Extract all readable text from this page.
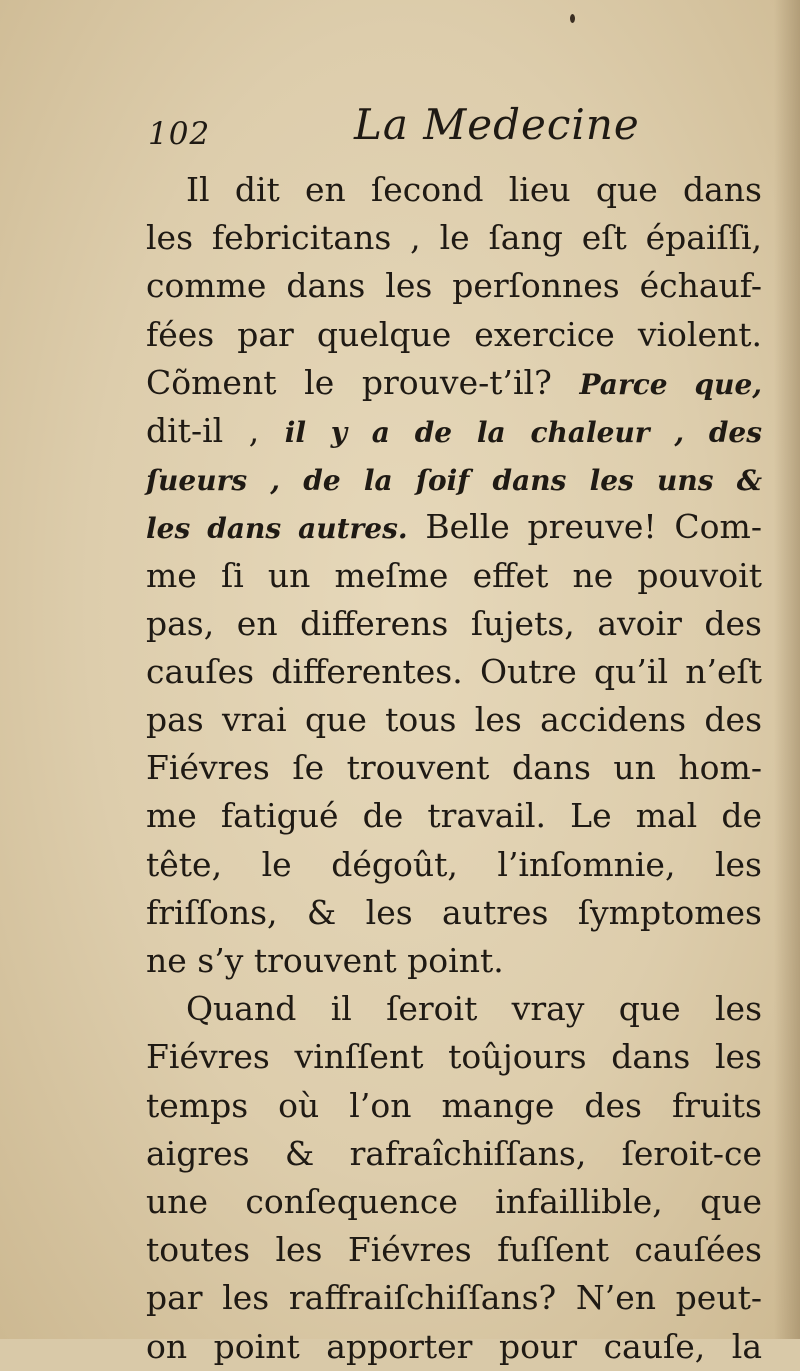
102	La Medecine
Il dit en ſecond lieu que dans
les febricitans , le ſang eſt épaiſſi,
comme dans les perſonnes échauf-
fées par quelque exercice violent.
Cõment le prouve-t’il? Parce que,
dit-il , il y a de la chaleur , des
ſueurs , de la ſoif dans les uns &
les dans autres. Belle preuve! Com-
me ſi un meſme effet ne pouvoit
pas, en differens ſujets, avoir des
cauſes differentes. Outre qu’il n’eſt
pas vrai que tous les accidens des
Fiévres ſe trouvent dans un hom-
me fatigué de travail. Le mal de
tête, le dégoût, l’inſomnie, les
friſſons, & les autres ſymptomes
ne s’y trouvent point.
Quand il ſeroit vray que les
Fiévres vinſſent toûjours dans les
temps où l’on mange des fruits
aigres & rafraîchiſſans, ſeroit-ce
une conſequence infaillible, que
toutes les Fiévres fuſſent cauſées
par les raffraiſchiſſans? N’en peut-
on point apporter pour cauſe, la
